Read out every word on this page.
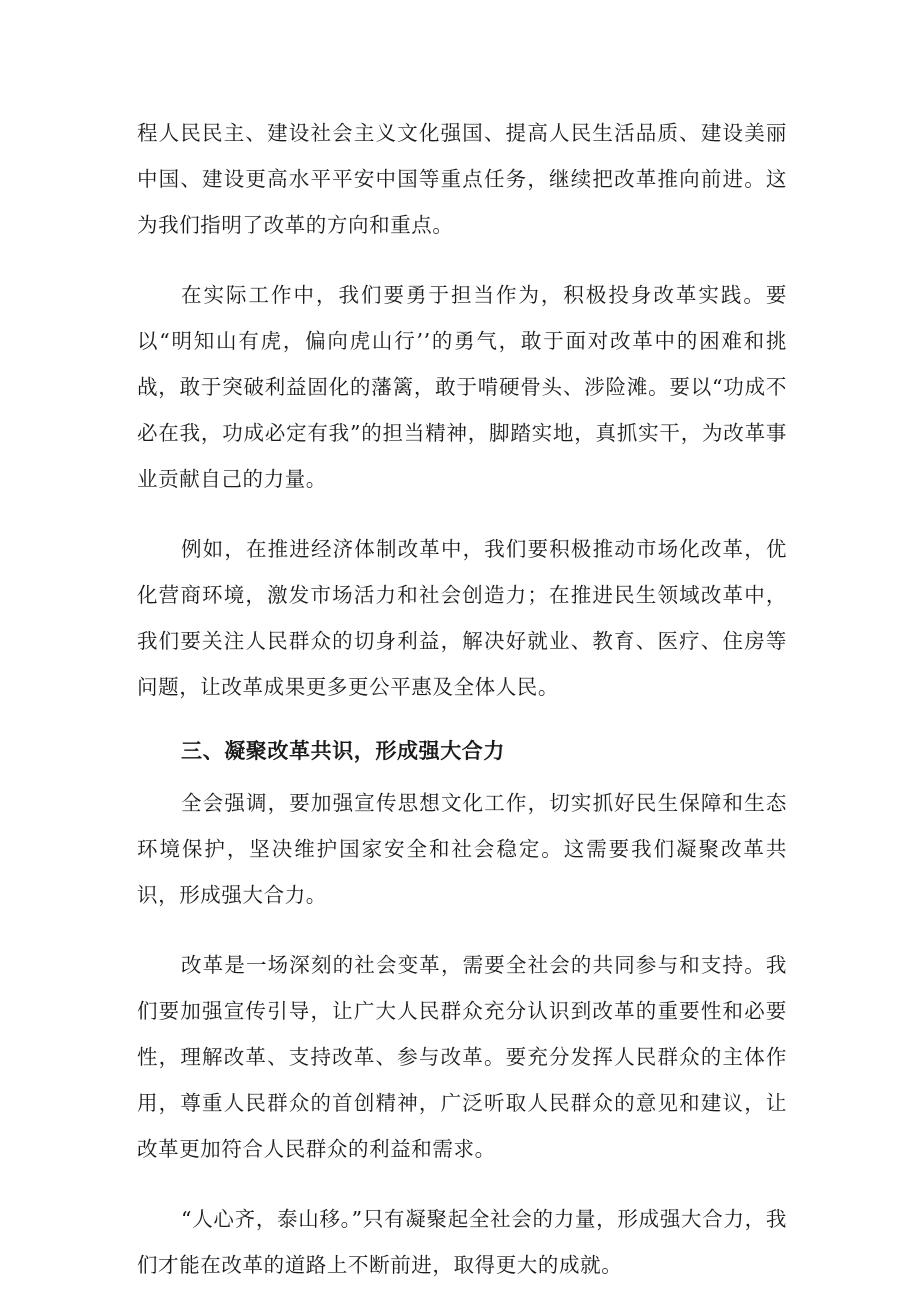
程人民民主、建设社会主义文化强国、提高人民生活品质、建设美丽中国、建设更高水平平安中国等重点任务，继续把改革推向前进。这为我们指明了改革的方向和重点。

在实际工作中，我们要勇于担当作为，积极投身改革实践。要以“明知山有虎，偏向虎山行’’的勇气，敢于面对改革中的困难和挑战，敢于突破利益固化的藩篱，敢于啃硬骨头、涉险滩。要以“功成不必在我，功成必定有我”的担当精神，脚踏实地，真抓实干，为改革事业贡献自己的力量。

例如，在推进经济体制改革中，我们要积极推动市场化改革，优化营商环境，激发市场活力和社会创造力；在推进民生领域改革中，我们要关注人民群众的切身利益，解决好就业、教育、医疗、住房等问题，让改革成果更多更公平惠及全体人民。

三、凝聚改革共识，形成强大合力

全会强调，要加强宣传思想文化工作，切实抓好民生保障和生态环境保护，坚决维护国家安全和社会稳定。这需要我们凝聚改革共识，形成强大合力。

改革是一场深刻的社会变革，需要全社会的共同参与和支持。我们要加强宣传引导，让广大人民群众充分认识到改革的重要性和必要性，理解改革、支持改革、参与改革。要充分发挥人民群众的主体作用，尊重人民群众的首创精神，广泛听取人民群众的意见和建议，让改革更加符合人民群众的利益和需求。

“人心齐，泰山移。”只有凝聚起全社会的力量，形成强大合力，我们才能在改革的道路上不断前进，取得更大的成就。
